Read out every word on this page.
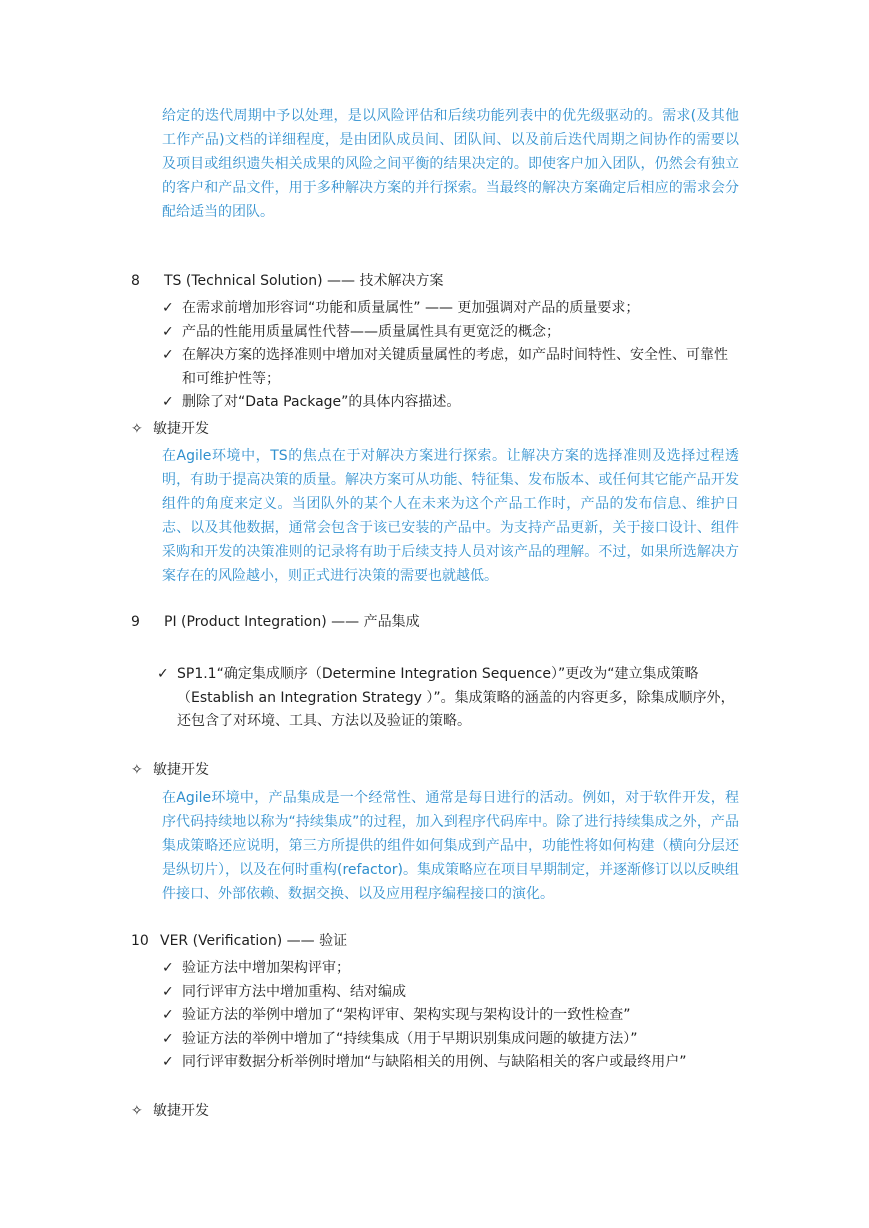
给定的迭代周期中予以处理，是以风险评估和后续功能列表中的优先级驱动的。需求(及其他工作产品)文档的详细程度，是由团队成员间、团队间、以及前后迭代周期之间协作的需要以及项目或组织遗失相关成果的风险之间平衡的结果决定的。即使客户加入团队，仍然会有独立的客户和产品文件，用于多种解决方案的并行探索。当最终的解决方案确定后相应的需求会分配给适当的团队。
8 TS (Technical Solution) —— 技术解决方案
✓ 在需求前增加形容词“功能和质量属性” —— 更加强调对产品的质量要求；
✓ 产品的性能用质量属性代替——质量属性具有更宽泛的概念；
✓ 在解决方案的选择准则中增加对关键质量属性的考虑，如产品时间特性、安全性、可靠性和可维护性等；
✓ 删除了对“Data Package”的具体内容描述。
✧ 敏捷开发
在Agile环境中，TS的焦点在于对解决方案进行探索。让解决方案的选择准则及选择过程透明，有助于提高决策的质量。解决方案可从功能、特征集、发布版本、或任何其它能产品开发组件的角度来定义。当团队外的某个人在未来为这个产品工作时，产品的发布信息、维护日志、以及其他数据，通常会包含于该已安装的产品中。为支持产品更新，关于接口设计、组件采购和开发的决策准则的记录将有助于后续支持人员对该产品的理解。不过，如果所选解决方案存在的风险越小，则正式进行决策的需要也就越低。
9 PI (Product Integration) —— 产品集成
✓ SP1.1“确定集成顺序（Determine Integration Sequence）”更改为“建立集成策略（Establish an Integration Strategy ）”。集成策略的涵盖的内容更多，除集成顺序外，还包含了对环境、工具、方法以及验证的策略。
✧ 敏捷开发
在Agile环境中，产品集成是一个经常性、通常是每日进行的活动。例如，对于软件开发，程序代码持续地以称为“持续集成”的过程，加入到程序代码库中。除了进行持续集成之外，产品集成策略还应说明，第三方所提供的组件如何集成到产品中，功能性将如何构建（横向分层还是纵切片），以及在何时重构(refactor)。集成策略应在项目早期制定，并逐渐修订以以反映组件接口、外部依赖、数据交换、以及应用程序编程接口的演化。
10 VER (Verification) —— 验证
✓ 验证方法中增加架构评审；
✓ 同行评审方法中增加重构、结对编成
✓ 验证方法的举例中增加了“架构评审、架构实现与架构设计的一致性检查”
✓ 验证方法的举例中增加了“持续集成（用于早期识别集成问题的敏捷方法）”
✓ 同行评审数据分析举例时增加“与缺陷相关的用例、与缺陷相关的客户或最终用户”
✧ 敏捷开发
